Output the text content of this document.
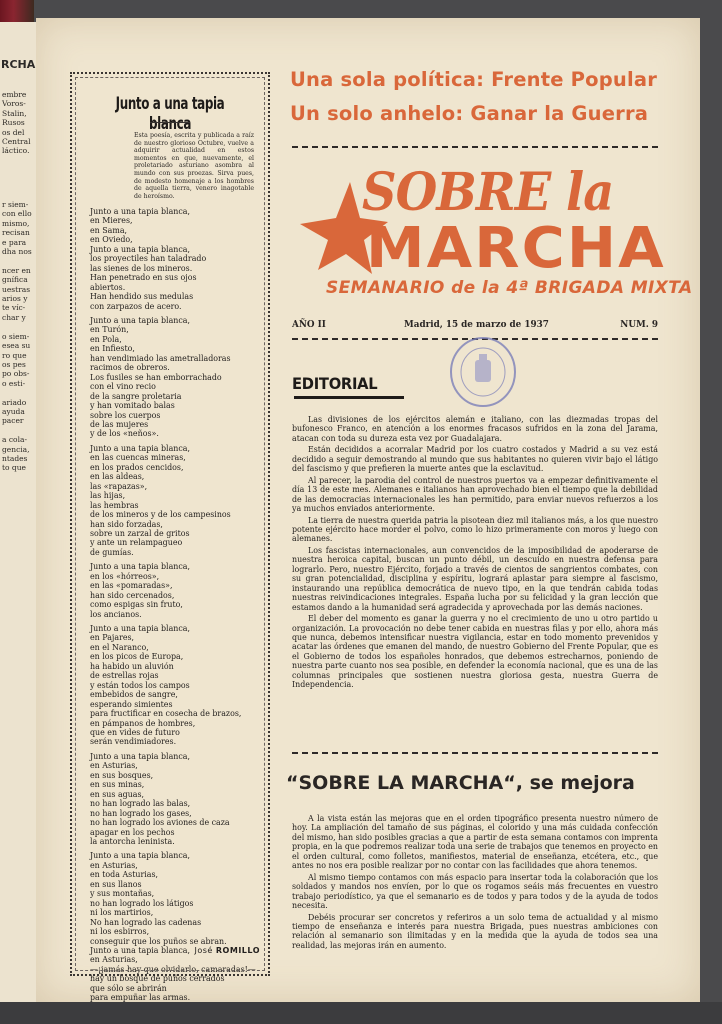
RCHA
embre
Voros-
Stalin,
Rusos
os del
Central
láctico.
r siem-
con ello
mismo,
recisan
e para
dha nos

ncer en
gnífica
uestras
arios y
te víc-
char y

o siem-
esea su
ro que
os pes
po obs-
o esti-

ariado
ayuda
pacer

a cola-
gencia,
ntades
to que
Junto a una tapia blanca
Esta poesía, escrita y publicada a raíz de nuestro glorioso Octubre, vuelve a adquirir actualidad en estos momentos en que, nuevamente, el proletariado asturiano asombra al mundo con sus proezas. Sirva pues, de modesto homenaje a los hombres de aquella tierra, venero inagotable de heroísmo.
Junto a una tapia blanca,
en Mieres,
en Sama,
en Oviedo,
Junto a una tapia blanca,
los proyectiles han taladrado
las sienes de los mineros.
Han penetrado en sus ojos
abiertos.
Han hendido sus medulas
con zarpazos de acero.
Junto a una tapia blanca,
en Turón,
en Pola,
en Infiesto,
han vendimiado las ametralladoras
racimos de obreros.
Los fusiles se han emborrachado
con el vino recio
de la sangre proletaria
y han vomitado balas
sobre los cuerpos
de las mujeres
y de los «neños».
Junto a una tapia blanca,
en las cuencas mineras,
en los prados cencidos,
en las aldeas,
las «rapazas»,
las hijas,
las hembras
de los mineros y de los campesinos
han sido forzadas,
sobre un zarzal de gritos
y ante un relampagueo
de gumías.
Junto a una tapia blanca,
en los «hórreos»,
en las «pomaradas»,
han sido cercenados,
como espigas sin fruto,
los ancianos.
Junto a una tapia blanca,
en Pajares,
en el Naranco,
en los picos de Europa,
ha habido un aluvión
de estrellas rojas
y están todos los campos
embebidos de sangre,
esperando simientes
para fructificar en cosecha de brazos,
en pámpanos de hombres,
que en vides de futuro
serán vendimiadores.
Junto a una tapia blanca,
en Asturias,
en sus bosques,
en sus minas,
en sus aguas,
no han logrado las balas,
no han logrado los gases,
no han logrado los aviones de caza
apagar en los pechos
la antorcha leninista.
Junto a una tapia blanca,
en Asturias,
en toda Asturias,
en sus llanos
y sus montañas,
no han logrado los látigos
ni los martirios,
No han logrado las cadenas
ni los esbirros,
conseguir que los puños se abran.
Junto a una tapia blanca,
en Asturias,
—¡jamás hay que olvidarlo, camaradas!—
hay un bosque de puños cerrados
que sólo se abrirán
para empuñar las armas.
José ROMILLO
Una sola política: Frente Popular
Un solo anhelo: Ganar la Guerra
SOBRE la
MARCHA
SEMANARIO de la 4ª BRIGADA MIXTA
AÑO II	Madrid, 15 de marzo de 1937	NUM. 9
EDITORIAL

Las divisiones de los ejércitos alemán e italiano, con las diezmadas tropas del bufonesco Franco, en atención a los enormes fracasos sufridos en la zona del Jarama, atacan con toda su dureza esta vez por Guadalajara.

Están decididos a acorralar Madrid por los cuatro costados y Madrid a su vez está decidido a seguir demostrando al mundo que sus habitantes no quieren vivir bajo el látigo del fascismo y que prefieren la muerte antes que la esclavitud.

Al parecer, la parodia del control de nuestros puertos va a empezar definitivamente el día 13 de este mes. Alemanes e italianos han aprovechado bien el tiempo que la debilidad de las democracias internacionales les han permitido, para enviar nuevos refuerzos a los ya muchos enviados anteriormente.

La tierra de nuestra querida patria la pisotean diez mil italianos más, a los que nuestro potente ejército hace morder el polvo, como lo hizo primeramente con moros y luego con alemanes.

Los fascistas internacionales, aun convencidos de la imposibilidad de apoderarse de nuestra heroica capital, buscan un punto débil, un descuido en nuestra defensa para lograrlo. Pero, nuestro Ejército, forjado a través de cientos de sangrientos combates, con su gran potencialidad, disciplina y espíritu, logrará aplastar para siempre al fascismo, instaurando una república democrática de nuevo tipo, en la que tendrán cabida todas nuestras reivindicaciones integrales. España lucha por su felicidad y la gran lección que estamos dando a la humanidad será agradecida y aprovechada por las demás naciones.

El deber del momento es ganar la guerra y no el crecimiento de uno u otro partido u organización. La provocación no debe tener cabida en nuestras filas y por ello, ahora más que nunca, debemos intensificar nuestra vigilancia, estar en todo momento prevenidos y acatar las órdenes que emanen del mando, de nuestro Gobierno del Frente Popular, que es el Gobierno de todos los españoles honrados, que debemos estrecharnos, poniendo de nuestra parte cuanto nos sea posible, en defender la economía nacional, que es una de las columnas principales que sostienen nuestra gloriosa gesta, nuestra Guerra de Independencia.

“SOBRE LA MARCHA“, se mejora

A la vista están las mejoras que en el orden tipográfico presenta nuestro número de hoy. La ampliación del tamaño de sus páginas, el colorido y una más cuidada confección del mismo, han sido posibles gracias a que a partir de esta semana contamos con imprenta propia, en la que podremos realizar toda una serie de trabajos que tenemos en proyecto en el orden cultural, como folletos, manifiestos, material de enseñanza, etcétera, etc., que antes no nos era posible realizar por no contar con las facilidades que ahora tenemos.

Al mismo tiempo contamos con más espacio para insertar toda la colaboración que los soldados y mandos nos envíen, por lo que os rogamos seáis más frecuentes en vuestro trabajo periodístico, ya que el semanario es de todos y para todos y de la ayuda de todos necesita.

Debéis procurar ser concretos y referiros a un solo tema de actualidad y al mismo tiempo de enseñanza e interés para nuestra Brigada, pues nuestras ambiciones con relación al semanario son ilimitadas y en la medida que la ayuda de todos sea una realidad, las mejoras irán en aumento.
